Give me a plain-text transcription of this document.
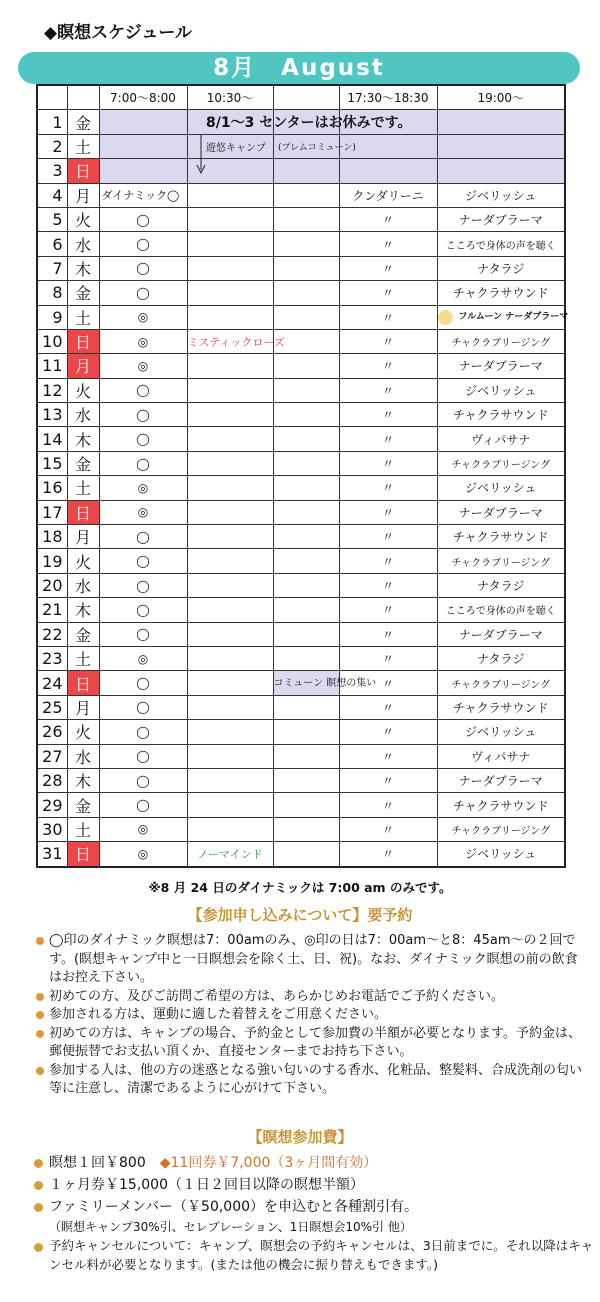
◆瞑想スケジュール
8月　August
		7:00〜8:00	10:30〜		17:30〜18:30	19:00〜
1	金					
2	土					
3	日					
4	月	ダイナミック◯			クンダリーニ	ジベリッシュ
5	火	◯			〃	ナーダブラーマ
6	水	◯			〃	こころで身体の声を聴く
7	木	◯			〃	ナタラジ
8	金	◯			〃	チャクラサウンド
9	土	◎			〃	フルムーン ナーダブラーマ
10	日	◎	ミスティックローズ		〃	チャクラブリージング
11	月	◎			〃	ナーダブラーマ
12	火	◯			〃	ジベリッシュ
13	水	◯			〃	チャクラサウンド
14	木	◯			〃	ヴィパサナ
15	金	◯			〃	チャクラブリージング
16	土	◎			〃	ジベリッシュ
17	日	◎			〃	ナーダブラーマ
18	月	◯			〃	チャクラサウンド
19	火	◯			〃	チャクラブリージング
20	水	◯			〃	ナタラジ
21	木	◯			〃	こころで身体の声を聴く
22	金	◯			〃	ナーダブラーマ
23	土	◎			〃	ナタラジ
24	日	◯		コミューン 瞑想の集い	〃	チャクラブリージング
25	月	◯			〃	チャクラサウンド
26	火	◯			〃	ジベリッシュ
27	水	◯			〃	ヴィパサナ
28	木	◯			〃	ナーダブラーマ
29	金	◯			〃	チャクラサウンド
30	土	◎			〃	チャクラブリージング
31	日	◎	ノーマインド		〃	ジベリッシュ
8/1〜3 センターはお休みです。
遊悠キャンプ (プレムコミューン)
※8 月 24 日のダイナミックは 7:00 am のみです。
【参加申し込みについて】要予約
◯印のダイナミック瞑想は7：00amのみ、◎印の日は7：00am〜と8：45am〜の２回です。(瞑想キャンプ中と一日瞑想会を除く土、日、祝)。なお、ダイナミック瞑想の前の飲食はお控え下さい。
初めての方、及びご訪問ご希望の方は、あらかじめお電話でご予約ください。
参加される方は、運動に適した着替えをご用意ください。
初めての方は、キャンプの場合、予約金として参加費の半額が必要となります。予約金は、郵便振替でお支払い頂くか、直接センターまでお持ち下さい。
参加する人は、他の方の迷惑となる強い匂いのする香水、化粧品、整髪料、合成洗剤の匂い等に注意し、清潔であるように心がけて下さい。
【瞑想参加費】
瞑想１回￥800　 ◆11回券￥7,000（3ヶ月間有効）
１ヶ月券￥15,000（１日２回目以降の瞑想半額）
ファミリーメンバー（￥50,000）を申込むと各種割引有。
（瞑想キャンプ30%引、セレブレーション、1日瞑想会10%引 他）
予約キャンセルについて：キャンプ、瞑想会の予約キャンセルは、3日前までに。それ以降はキャンセル料が必要となります。(または他の機会に振り替えもできます。)
